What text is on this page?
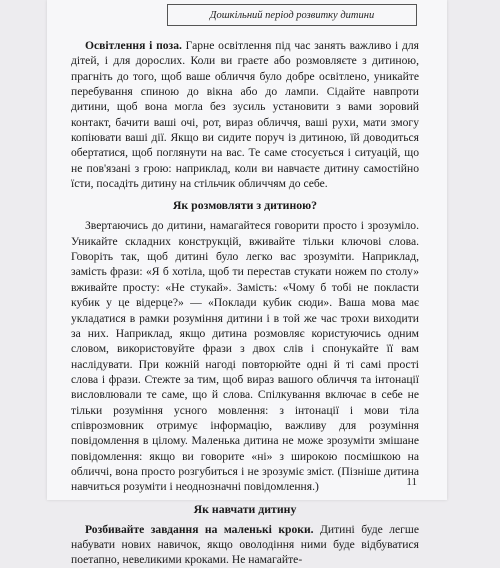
Дошкільний період розвитку дитини

Освітлення і поза. Гарне освітлення під час занять важливо і для дітей, і для дорослих. Коли ви граєте або розмовляєте з дитиною, прагніть до того, щоб ваше обличчя було добре освітлено, уникайте перебування спиною до вікна або до лампи. Сідайте навпроти дитини, щоб вона могла без зусиль установити з вами зоровий контакт, бачити ваші очі, рот, вираз обличчя, ваші рухи, мати змогу копіювати ваші дії. Якщо ви сидите поруч із дитиною, їй доводиться обертатися, щоб поглянути на вас. Те саме стосується і ситуацій, що не пов'язані з грою: наприклад, коли ви навчаєте дитину самостійно їсти, посадіть дитину на стільчик обличчям до себе.

Як розмовляти з дитиною?

Звертаючись до дитини, намагайтеся говорити просто і зрозуміло. Уникайте складних конструкцій, вживайте тільки ключові слова. Говоріть так, щоб дитині було легко вас зрозуміти. Наприклад, замість фрази: «Я б хотіла, щоб ти перестав стукати ножем по столу» вживайте просту: «Не стукай». Замість: «Чому б тобі не покласти кубик у це відерце?» — «Поклади кубик сюди». Ваша мова має укладатися в рамки розуміння дитини і в той же час трохи виходити за них. Наприклад, якщо дитина розмовляє користуючись одним словом, використовуйте фрази з двох слів і спонукайте її вам наслідувати. При кожній нагоді повторюйте одні й ті самі прості слова і фрази. Стежте за тим, щоб вираз вашого обличчя та інтонації висловлювали те саме, що й слова. Спілкування включає в себе не тільки розуміння усного мовлення: з інтонації і мови тіла співрозмовник отримує інформацію, важливу для розуміння повідомлення в цілому. Маленька дитина не може зрозуміти змішане повідомлення: якщо ви говорите «ні» з широкою посмішкою на обличчі, вона просто розгубиться і не зрозуміє зміст. (Пізніше дитина навчиться розуміти і неоднозначні повідомлення.)

Як навчати дитину

Розбивайте завдання на маленькі кроки. Дитині буде легше набувати нових навичок, якщо оволодіння ними буде відбуватися поетапно, невеликими кроками. Не намагайте-

11
